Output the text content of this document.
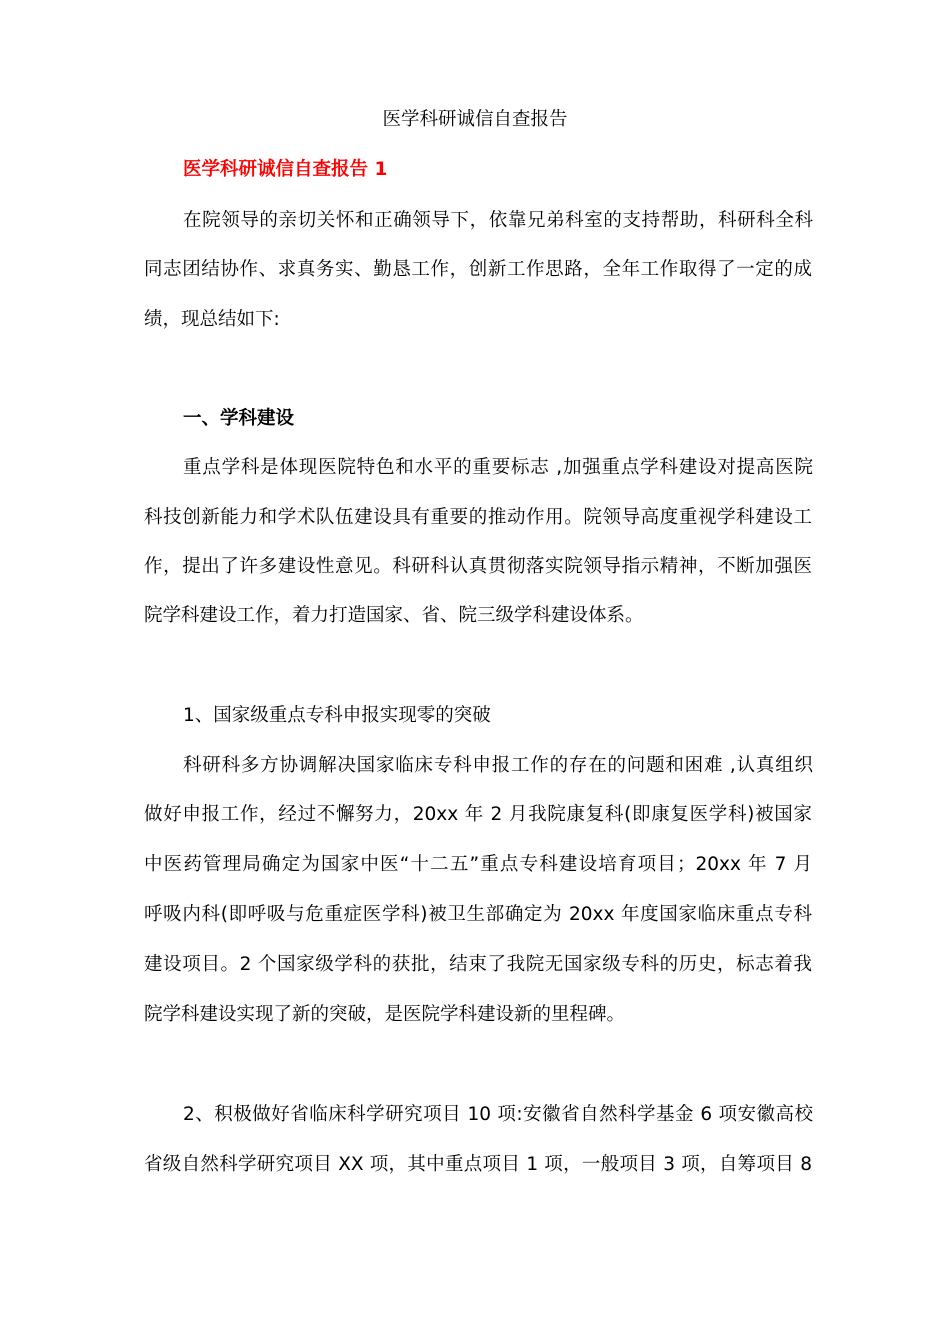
医学科研诚信自查报告
医学科研诚信自查报告 1
在院领导的亲切关怀和正确领导下，依靠兄弟科室的支持帮助，科研科全科
同志团结协作、求真务实、勤恳工作，创新工作思路，全年工作取得了一定的成
绩，现总结如下:
一、学科建设
重点学科是体现医院特色和水平的重要标志 ,加强重点学科建设对提高医院
科技创新能力和学术队伍建设具有重要的推动作用。院领导高度重视学科建设工
作，提出了许多建设性意见。科研科认真贯彻落实院领导指示精神，不断加强医
院学科建设工作，着力打造国家、省、院三级学科建设体系。
1、国家级重点专科申报实现零的突破
科研科多方协调解决国家临床专科申报工作的存在的问题和困难 ,认真组织
做好申报工作，经过不懈努力，20xx 年 2 月我院康复科(即康复医学科)被国家
中医药管理局确定为国家中医“十二五”重点专科建设培育项目；20xx 年 7 月
呼吸内科(即呼吸与危重症医学科)被卫生部确定为 20xx 年度国家临床重点专科
建设项目。2 个国家级学科的获批，结束了我院无国家级专科的历史，标志着我
院学科建设实现了新的突破，是医院学科建设新的里程碑。
2、积极做好省临床科学研究项目 10 项:安徽省自然科学基金 6 项安徽高校
省级自然科学研究项目 XX 项，其中重点项目 1 项，一般项目 3 项，自筹项目 8
